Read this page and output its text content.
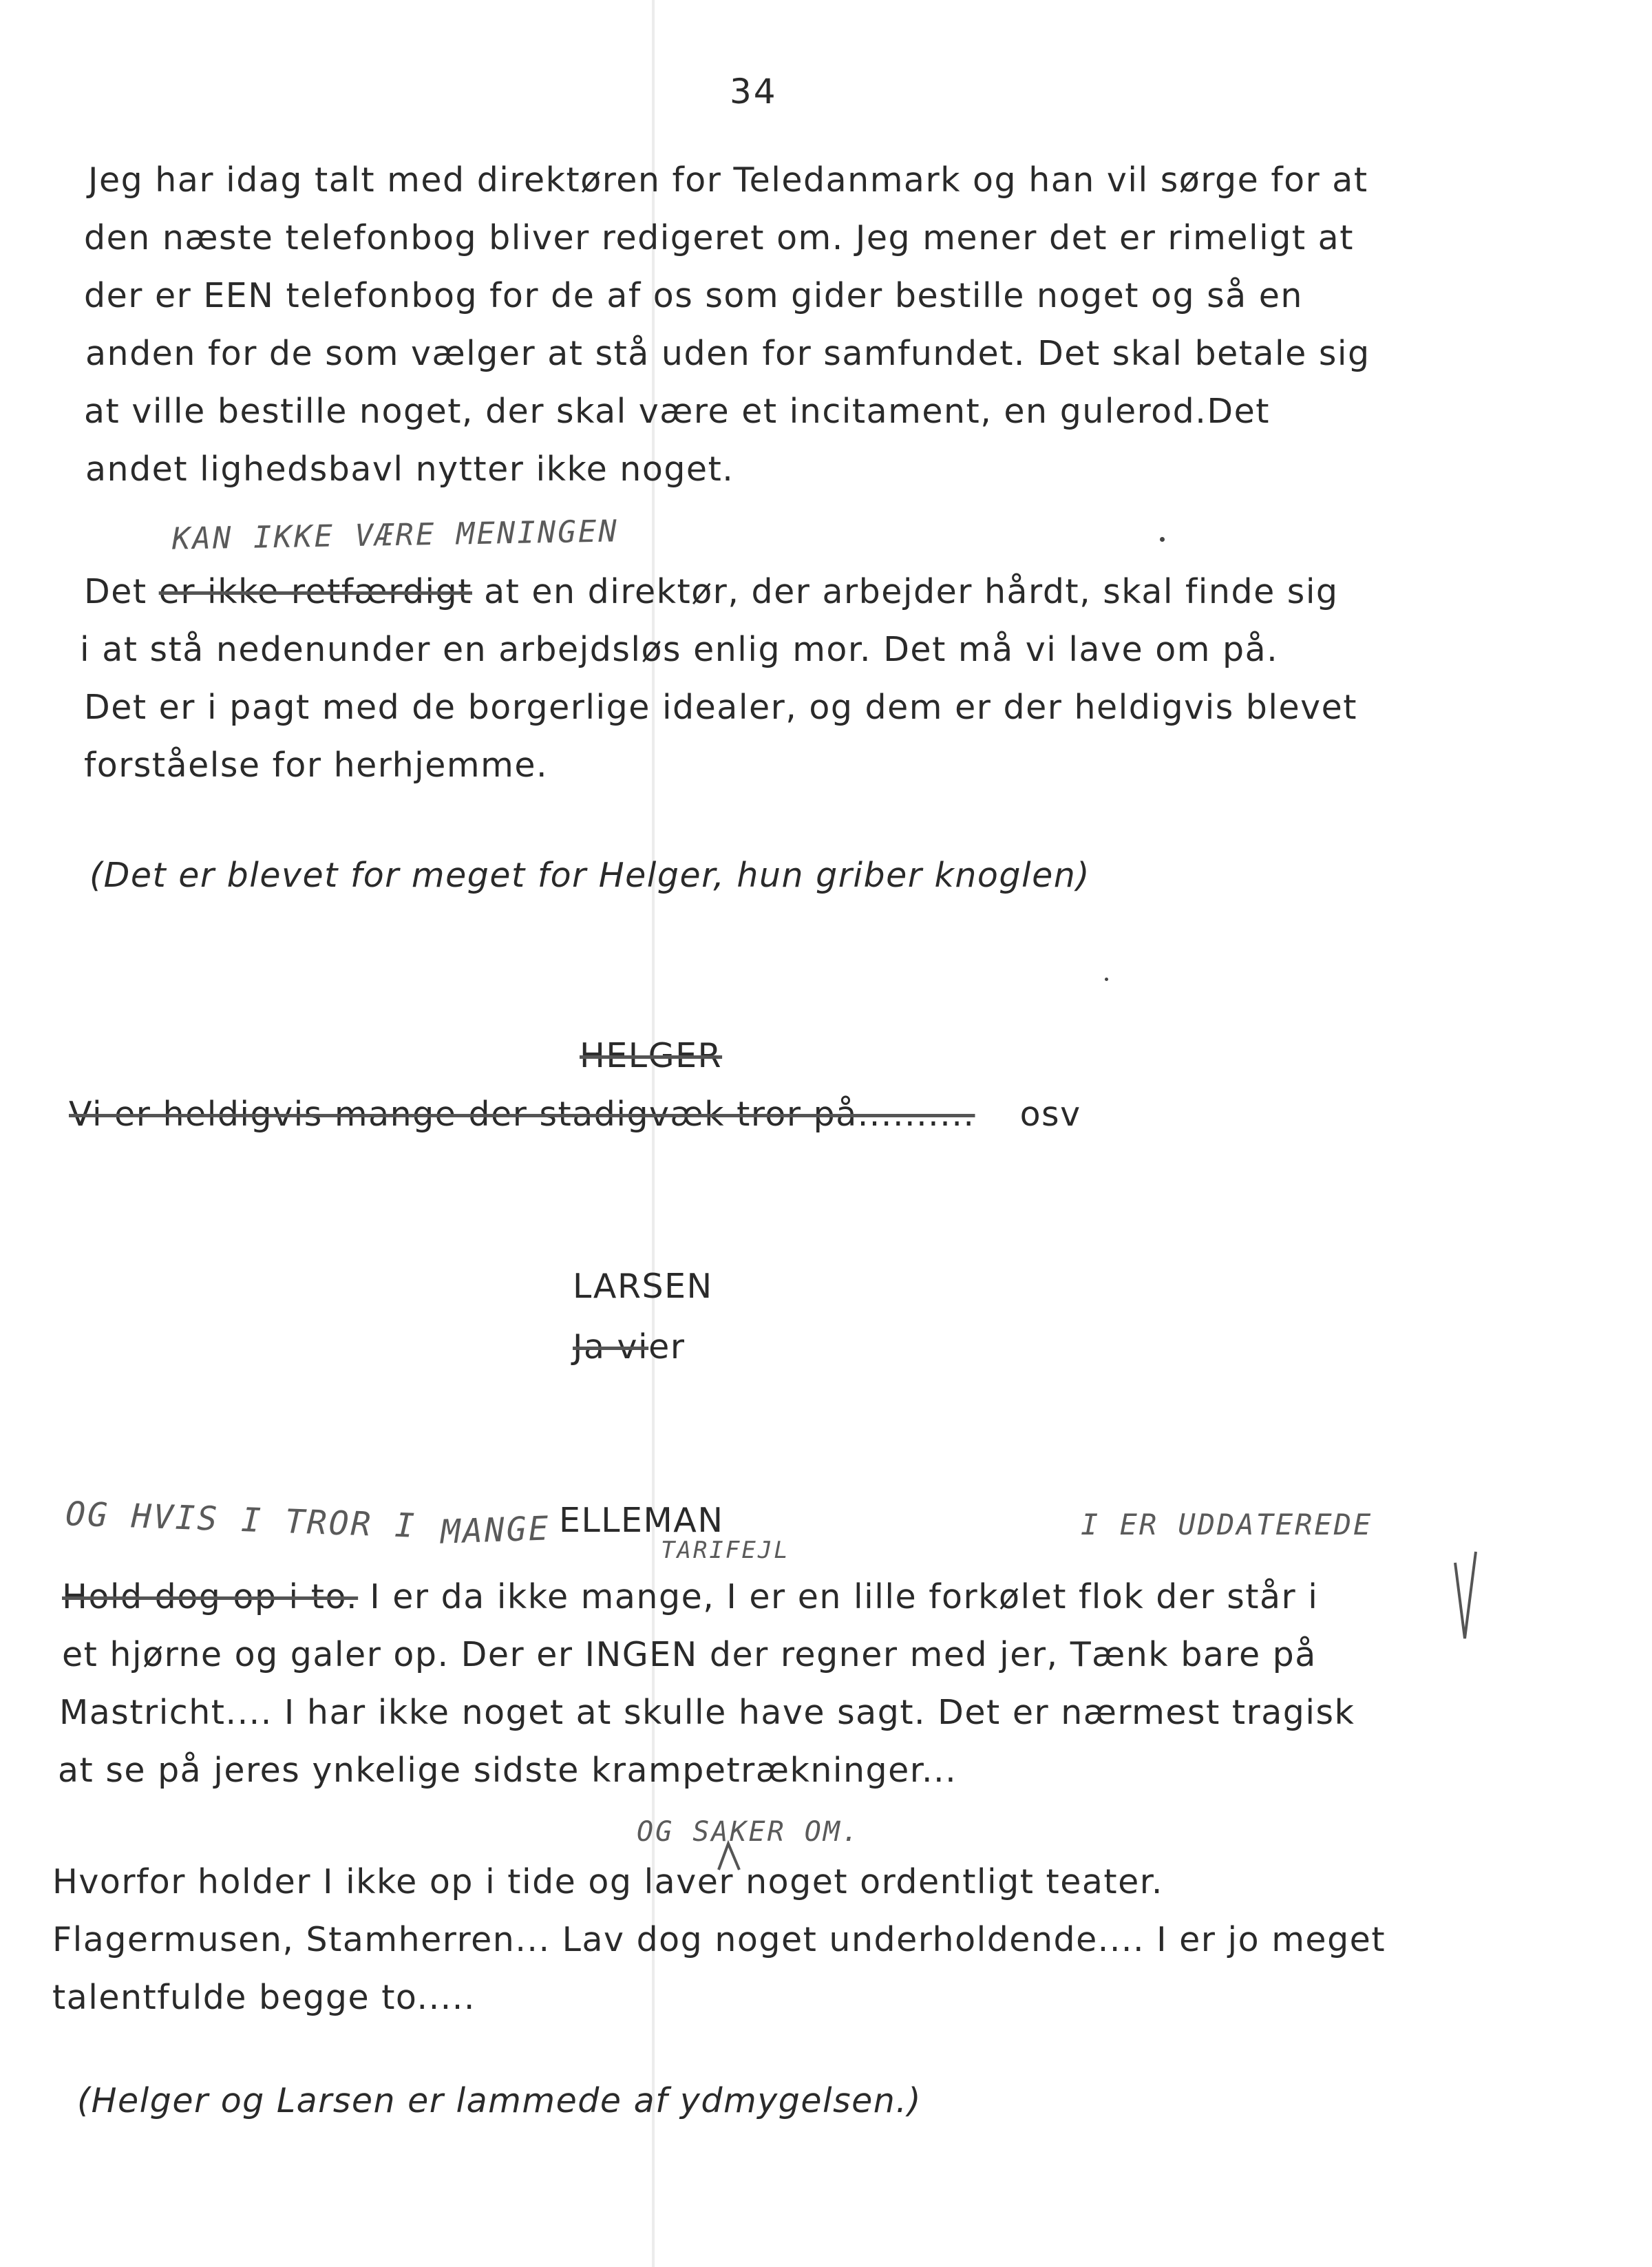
34
Jeg har idag talt med direktøren for Teledanmark og han vil sørge for at
den næste telefonbog bliver redigeret om. Jeg mener det er rimeligt at
der er EEN telefonbog for de af os som gider bestille noget og så en
anden for de som vælger at stå uden for samfundet. Det skal betale sig
at ville bestille noget, der skal være et incitament, en gulerod.Det
andet lighedsbavl nytter ikke noget.
KAN IKKE VÆRE MENINGEN
Det er ikke retfærdigt at en direktør, der arbejder hårdt, skal finde sig
i at stå nedenunder en arbejdsløs enlig mor. Det må vi lave om på.
Det er i pagt med de borgerlige idealer, og dem er der heldigvis blevet
forståelse for herhjemme.
(Det er blevet for meget for Helger, hun griber knoglen)
HELGER
Vi er heldigvis mange der stadigvæk tror på.......... osv
LARSEN
Ja vier
OG HVIS I TROR I MANGE	TARIFEJL
I ER UDDATEREDE
ELLEMAN
Hold dog op i to. I er da ikke mange, I er en lille forkølet flok der står i
et hjørne og galer op. Der er INGEN der regner med jer, Tænk bare på
Mastricht.... I har ikke noget at skulle have sagt. Det er nærmest tragisk
at se på jeres ynkelige sidste krampetrækninger...
OG SAKER OM.
Hvorfor holder I ikke op i tide og laver noget ordentligt teater.
Flagermusen, Stamherren... Lav dog noget underholdende.... I er jo meget
talentfulde begge to.....
(Helger og Larsen er lammede af ydmygelsen.)
